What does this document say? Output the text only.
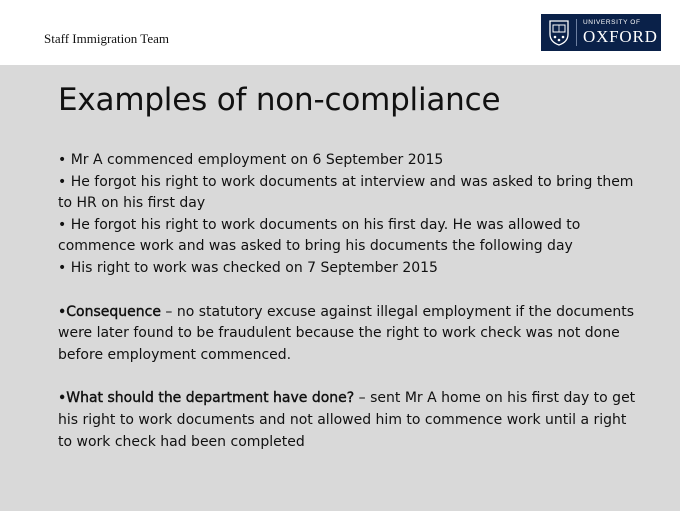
Staff Immigration Team
UNIVERSITY OF
OXFORD
Examples of non-compliance

• Mr A commenced employment on 6 September 2015

• He forgot his right to work documents at interview and was asked to bring them to HR on his first day

• He forgot his right to work documents on his first day. He was allowed to commence work and was asked to bring his documents the following day

• His right to work was checked on 7 September 2015

•Consequence – no statutory excuse against illegal employment if the documents were later found to be fraudulent because the right to work check was not done before employment commenced.

•What should the department have done? – sent Mr A home on his first day to get his right to work documents and not allowed him to commence work until a right to work check had been completed
